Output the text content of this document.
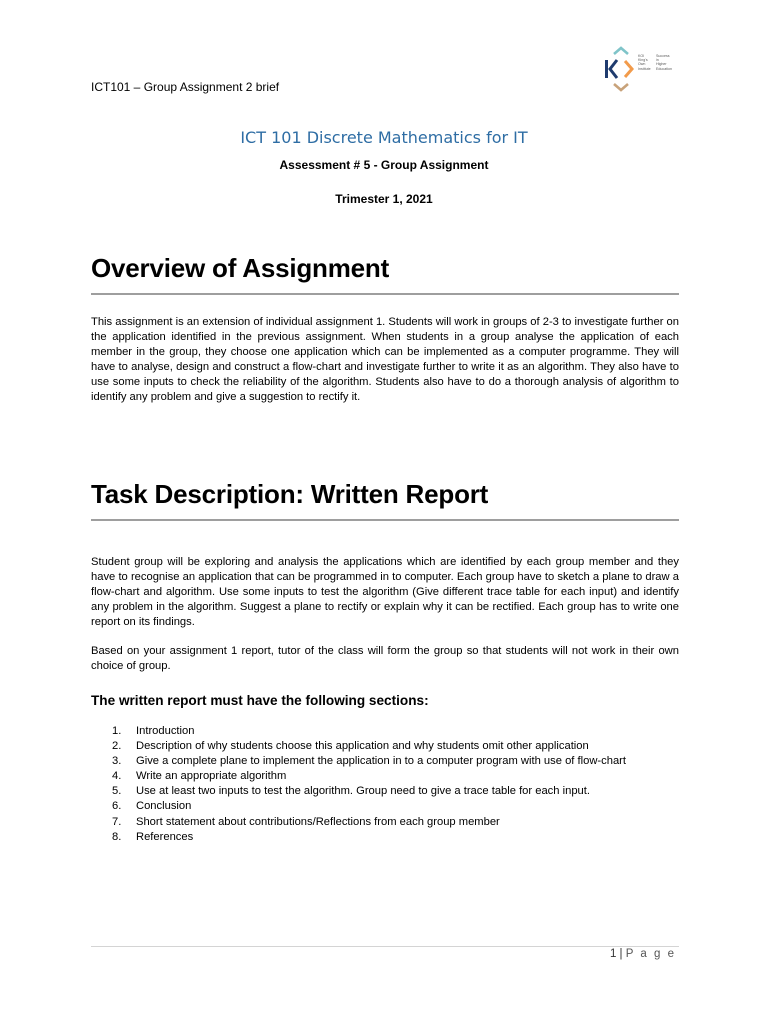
ICT101 – Group Assignment 2 brief
KOI
King's
Own
Institute
Success
in
Higher
Education
ICT 101 Discrete Mathematics for IT
Assessment # 5 - Group Assignment
Trimester 1, 2021
Overview of Assignment

This assignment is an extension of individual assignment 1. Students will work in groups of 2-3 to investigate further on the application identified in the previous assignment. When students in a group analyse the application of each member in the group, they choose one application which can be implemented as a computer programme. They will have to analyse, design and construct a flow-chart and investigate further to write it as an algorithm. They also have to use some inputs to check the reliability of the algorithm. Students also have to do a thorough analysis of algorithm to identify any problem and give a suggestion to rectify it.

Task Description: Written Report

Student group will be exploring and analysis the applications which are identified by each group member and they have to recognise an application that can be programmed in to computer. Each group have to sketch a plane to draw a flow-chart and algorithm. Use some inputs to test the algorithm (Give different trace table for each input) and identify any problem in the algorithm. Suggest a plane to rectify or explain why it can be rectified. Each group has to write one report on its findings.

Based on your assignment 1 report, tutor of the class will form the group so that students will not work in their own choice of group.

The written report must have the following sections:
1. Introduction
2. Description of why students choose this application and why students omit other application
3. Give a complete plane to implement the application in to a computer program with use of flow-chart
4. Write an appropriate algorithm
5. Use at least two inputs to test the algorithm. Group need to give a trace table for each input.
6. Conclusion
7. Short statement about contributions/Reflections from each group member
8. References
1 | P a g e
